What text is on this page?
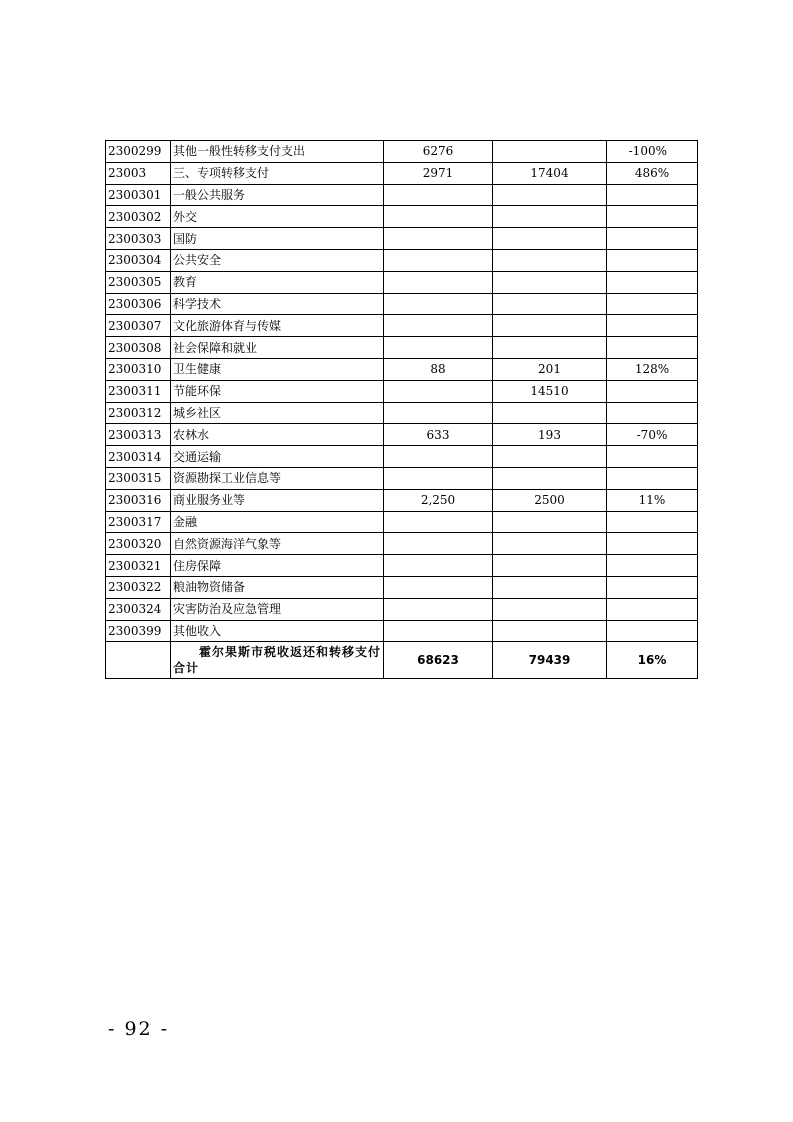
2300299	其他一般性转移支付支出	6276		-100%
23003	三、专项转移支付	2971	17404	486%
2300301	一般公共服务			
2300302	外交			
2300303	国防			
2300304	公共安全			
2300305	教育			
2300306	科学技术			
2300307	文化旅游体育与传媒			
2300308	社会保障和就业			
2300310	卫生健康	88	201	128%
2300311	节能环保		14510	
2300312	城乡社区			
2300313	农林水	633	193	-70%
2300314	交通运输			
2300315	资源勘探工业信息等			
2300316	商业服务业等	2,250	2500	11%
2300317	金融			
2300320	自然资源海洋气象等			
2300321	住房保障			
2300322	粮油物资储备			
2300324	灾害防治及应急管理			
2300399	其他收入			
	霍尔果斯市税收返还和转移支付合计	68623	79439	16%
- 92 -
